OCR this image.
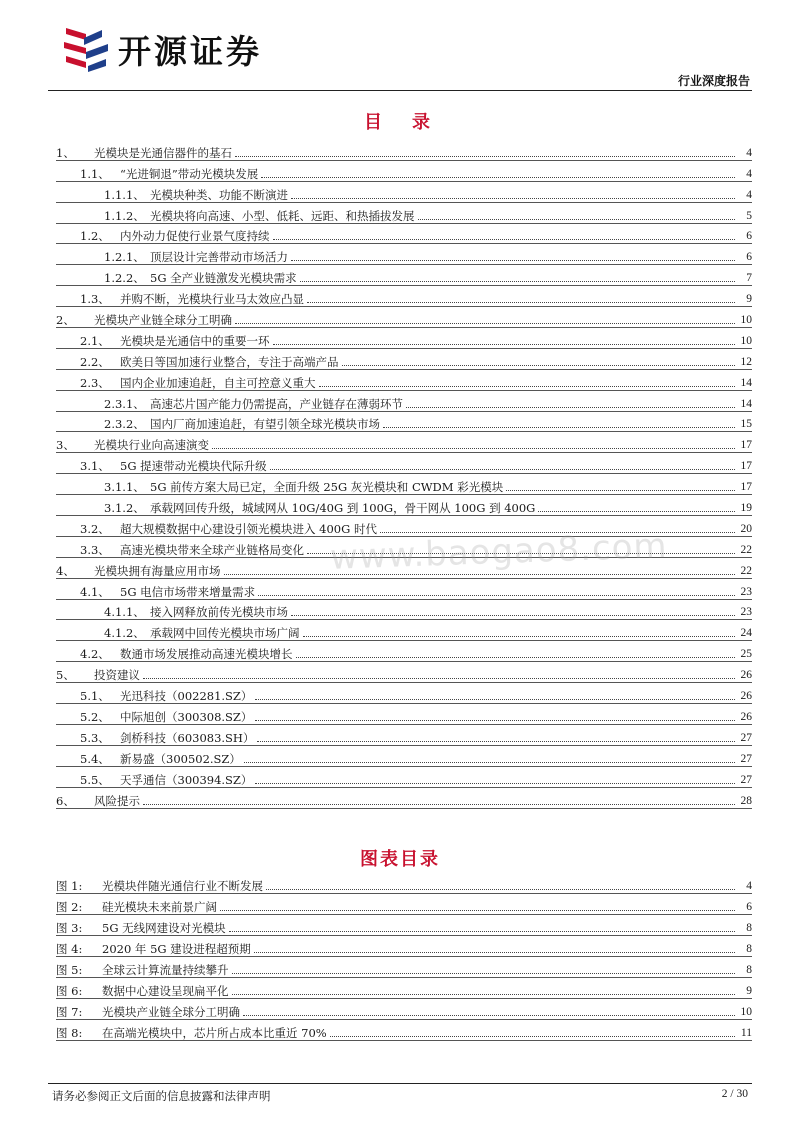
开源证券
行业深度报告
目　录
1、	光模块是光通信器件的基石	4
1.1、 “光进铜退”带动光模块发展	4
1.1.1、 光模块种类、功能不断演进	4
1.1.2、 光模块将向高速、小型、低耗、远距、和热插拔发展	5
1.2、 内外动力促使行业景气度持续	6
1.2.1、 顶层设计完善带动市场活力	6
1.2.2、 5G 全产业链激发光模块需求	7
1.3、 并购不断，光模块行业马太效应凸显	9
2、	光模块产业链全球分工明确	10
2.1、 光模块是光通信中的重要一环	10
2.2、 欧美日等国加速行业整合，专注于高端产品	12
2.3、 国内企业加速追赶，自主可控意义重大	14
2.3.1、 高速芯片国产能力仍需提高，产业链存在薄弱环节	14
2.3.2、 国内厂商加速追赶，有望引领全球光模块市场	15
3、	光模块行业向高速演变	17
3.1、 5G 提速带动光模块代际升级	17
3.1.1、 5G 前传方案大局已定，全面升级 25G 灰光模块和 CWDM 彩光模块	17
3.1.2、 承载网回传升级，城域网从 10G/40G 到 100G，骨干网从 100G 到 400G	19
3.2、 超大规模数据中心建设引领光模块进入 400G 时代	20
3.3、 高速光模块带来全球产业链格局变化	22
4、	光模块拥有海量应用市场	22
4.1、 5G 电信市场带来增量需求	23
4.1.1、 接入网释放前传光模块市场	23
4.1.2、 承载网中回传光模块市场广阔	24
4.2、 数通市场发展推动高速光模块增长	25
5、	投资建议	26
5.1、 光迅科技（002281.SZ）	26
5.2、 中际旭创（300308.SZ）	26
5.3、 剑桥科技（603083.SH）	27
5.4、 新易盛（300502.SZ）	27
5.5、 天孚通信（300394.SZ）	27
6、	风险提示	28
www.baogao8.com
图表目录
图 1:	光模块伴随光通信行业不断发展	4
图 2:	硅光模块未来前景广阔	6
图 3:	5G 无线网建设对光模块	8
图 4:	2020 年 5G 建设进程超预期	8
图 5:	全球云计算流量持续攀升	8
图 6:	数据中心建设呈现扁平化	9
图 7:	光模块产业链全球分工明确	10
图 8:	在高端光模块中，芯片所占成本比重近 70%	11
请务必参阅正文后面的信息披露和法律声明	2 / 30
